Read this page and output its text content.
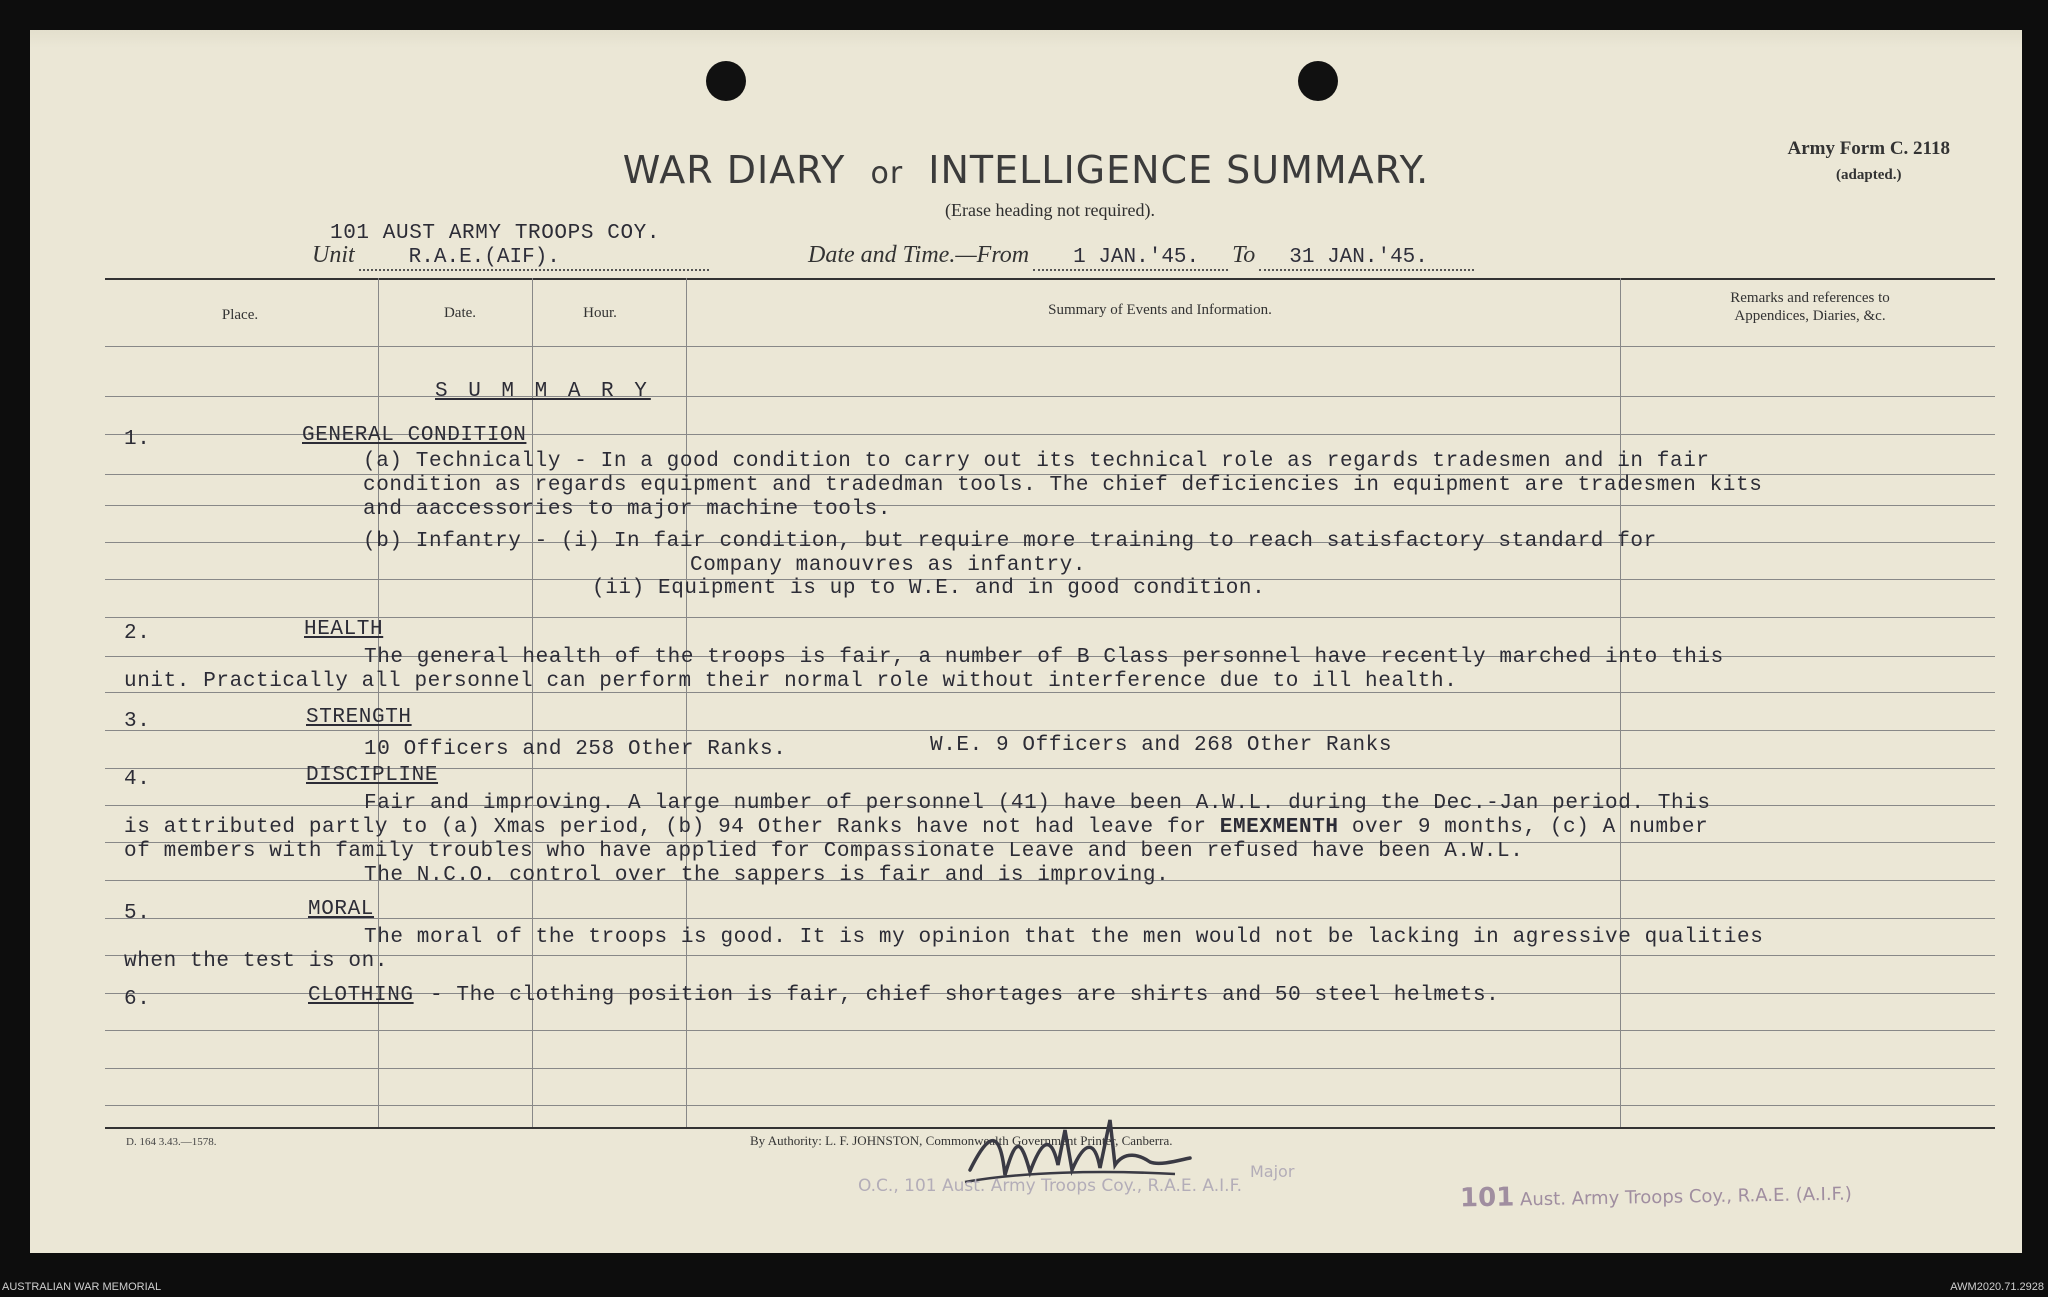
WAR DIARY or INTELLIGENCE SUMMARY.
(Erase heading not required).
Army Form C. 2118
(adapted.)
101 AUST ARMY TROOPS COY.
Unit	R.A.E.(AIF).	Date and Time.—From 1 JAN.'45. To 31 JAN.'45.
Place.	Date.	Hour.	Summary of Events and Information.
Remarks and references to
Appendices, Diaries, &c.
S U M M A R Y
1.	GENERAL CONDITION
(a) Technically - In a good condition to carry out its technical role as regards tradesmen and in fair
condition as regards equipment and tradedman tools. The chief deficiencies in equipment are tradesmen kits
and aaccessories to major machine tools.
(b) Infantry - (i) In fair condition, but require more training to reach satisfactory standard for
Company manouvres as infantry.
(ii) Equipment is up to W.E. and in good condition.
2.	HEALTH
The general health of the troops is fair, a number of B Class personnel have recently marched into this
unit. Practically all personnel can perform their normal role without interference due to ill health.
3.	STRENGTH
10 Officers and 258 Other Ranks.	W.E. 9 Officers and 268 Other Ranks
4.	DISCIPLINE
Fair and improving. A large number of personnel (41) have been A.W.L. during the Dec.-Jan period. This
is attributed partly to (a) Xmas period, (b) 94 Other Ranks have not had leave for EMEXMENTH over 9 months, (c) A number
of members with family troubles who have applied for Compassionate Leave and been refused have been A.W.L.
The N.C.O. control over the sappers is fair and is improving.
5.	MORAL
The moral of the troops is good. It is my opinion that the men would not be lacking in agressive qualities
when the test is on.
6.	CLOTHING - The clothing position is fair, chief shortages are shirts and 50 steel helmets.
D. 164 3.43.—1578.	By Authority: L. F. JOHNSTON, Commonwealth Government Printer, Canberra.
Major
O.C., 101 Aust. Army Troops Coy., R.A.E. A.I.F.	101 Aust. Army Troops Coy., R.A.E. (A.I.F.)
AUSTRALIAN WAR MEMORIAL	AWM2020.71.2928
